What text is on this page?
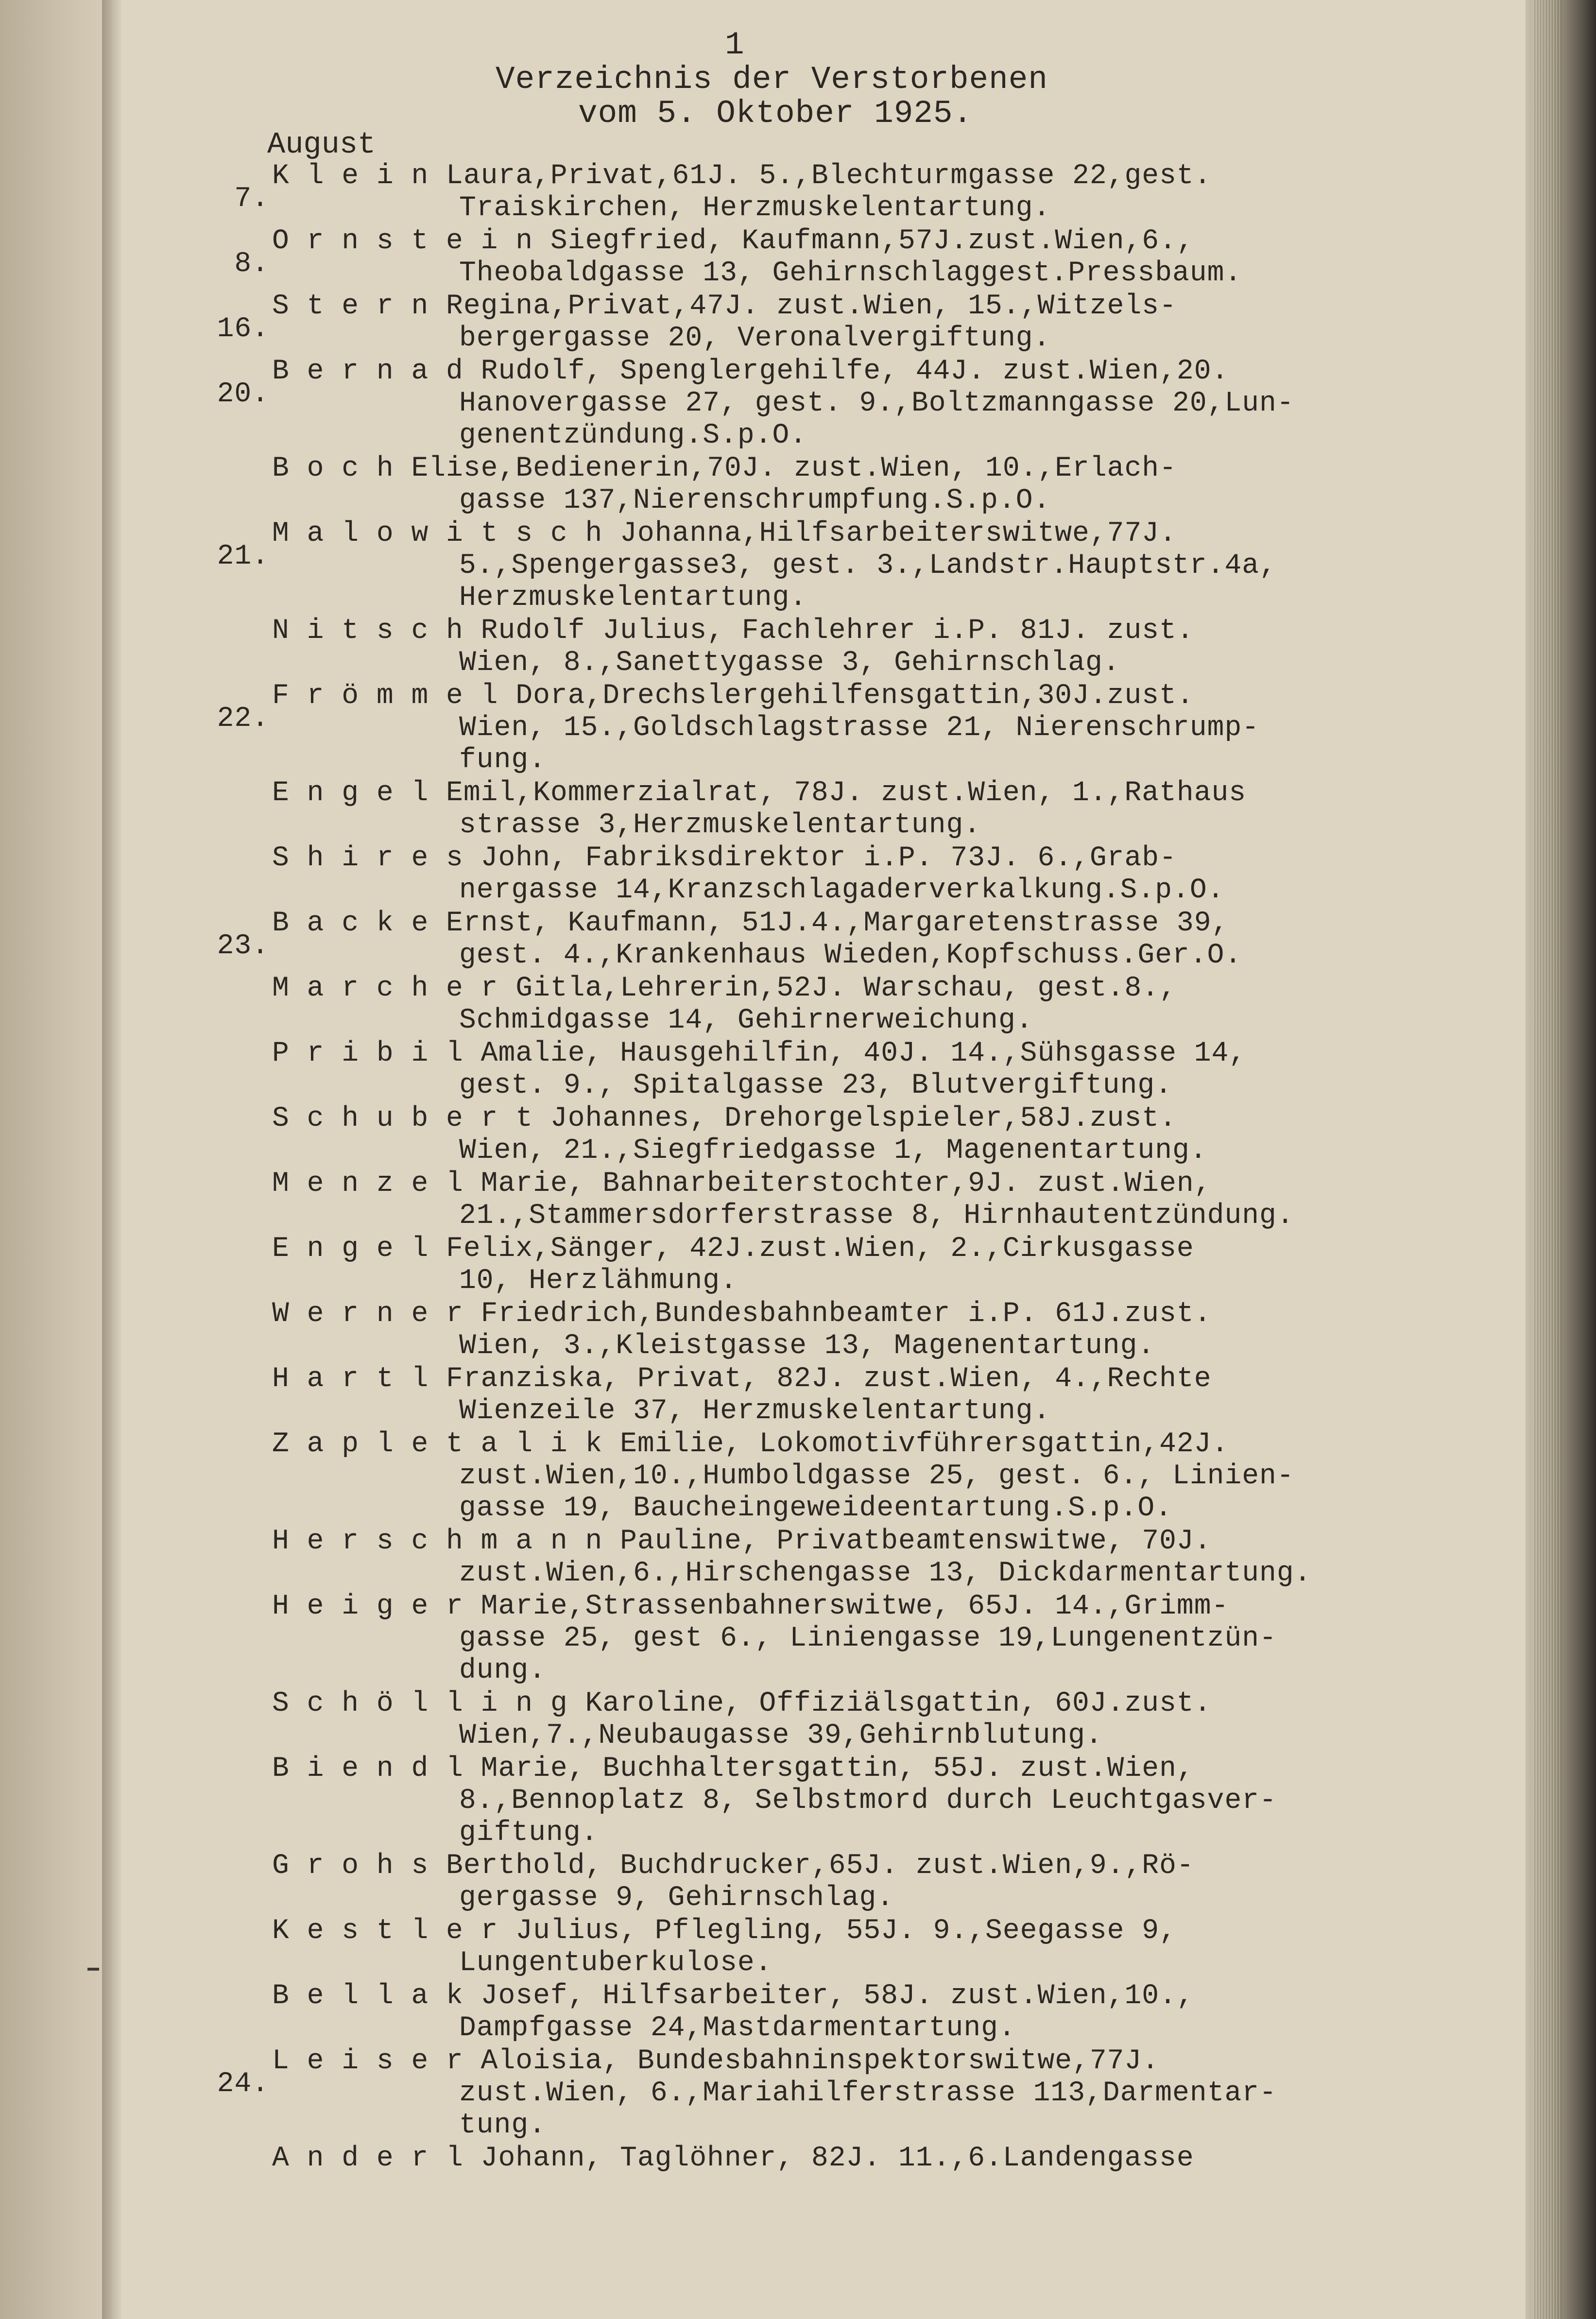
1
Verzeichnis der Verstorbenen
vom 5. Oktober 1925.
August
7.
K l e i n Laura,Privat,61J. 5.,Blechturmgasse 22,gest.
Traiskirchen, Herzmuskelentartung.
8.
O r n s t e i n Siegfried, Kaufmann,57J.zust.Wien,6.,
Theobaldgasse 13, Gehirnschlaggest.Pressbaum.
16.
S t e r n Regina,Privat,47J. zust.Wien, 15.,Witzels-
bergergasse 20, Veronalvergiftung.
20.
B e r n a d Rudolf, Spenglergehilfe, 44J. zust.Wien,20.
Hanovergasse 27, gest. 9.,Boltzmanngasse 20,Lun-
genentzündung.S.p.O.
B o c h Elise,Bedienerin,70J. zust.Wien, 10.,Erlach-
gasse 137,Nierenschrumpfung.S.p.O.
21.
M a l o w i t s c h Johanna,Hilfsarbeiterswitwe,77J.
5.,Spengergasse3, gest. 3.,Landstr.Hauptstr.4a,
Herzmuskelentartung.
N i t s c h Rudolf Julius, Fachlehrer i.P. 81J. zust.
Wien, 8.,Sanettygasse 3, Gehirnschlag.
22.
F r ö m m e l Dora,Drechslergehilfensgattin,30J.zust.
Wien, 15.,Goldschlagstrasse 21, Nierenschrump-
fung.
E n g e l Emil,Kommerzialrat, 78J. zust.Wien, 1.,Rathaus
strasse 3,Herzmuskelentartung.
S h i r e s John, Fabriksdirektor i.P. 73J. 6.,Grab-
nergasse 14,Kranzschlagaderverkalkung.S.p.O.
23.
B a c k e Ernst, Kaufmann, 51J.4.,Margaretenstrasse 39,
gest. 4.,Krankenhaus Wieden,Kopfschuss.Ger.O.
M a r c h e r Gitla,Lehrerin,52J. Warschau, gest.8.,
Schmidgasse 14, Gehirnerweichung.
P r i b i l Amalie, Hausgehilfin, 40J. 14.,Sühsgasse 14,
gest. 9., Spitalgasse 23, Blutvergiftung.
S c h u b e r t Johannes, Drehorgelspieler,58J.zust.
Wien, 21.,Siegfriedgasse 1, Magenentartung.
M e n z e l Marie, Bahnarbeiterstochter,9J. zust.Wien,
21.,Stammersdorferstrasse 8, Hirnhautentzündung.
E n g e l Felix,Sänger, 42J.zust.Wien, 2.,Cirkusgasse
10, Herzlähmung.
W e r n e r Friedrich,Bundesbahnbeamter i.P. 61J.zust.
Wien, 3.,Kleistgasse 13, Magenentartung.
H a r t l Franziska, Privat, 82J. zust.Wien, 4.,Rechte
Wienzeile 37, Herzmuskelentartung.
Z a p l e t a l i k Emilie, Lokomotivführersgattin,42J.
zust.Wien,10.,Humboldgasse 25, gest. 6., Linien-
gasse 19, Baucheingeweideentartung.S.p.O.
H e r s c h m a n n Pauline, Privatbeamtenswitwe, 70J.
zust.Wien,6.,Hirschengasse 13, Dickdarmentartung.
H e i g e r Marie,Strassenbahnerswitwe, 65J. 14.,Grimm-
gasse 25, gest 6., Liniengasse 19,Lungenentzün-
dung.
S c h ö l l i n g Karoline, Offiziälsgattin, 60J.zust.
Wien,7.,Neubaugasse 39,Gehirnblutung.
B i e n d l Marie, Buchhaltersgattin, 55J. zust.Wien,
8.,Bennoplatz 8, Selbstmord durch Leuchtgasver-
giftung.
G r o h s Berthold, Buchdrucker,65J. zust.Wien,9.,Rö-
gergasse 9, Gehirnschlag.
K e s t l e r Julius, Pflegling, 55J. 9.,Seegasse 9,
Lungentuberkulose.
B e l l a k Josef, Hilfsarbeiter, 58J. zust.Wien,10.,
Dampfgasse 24,Mastdarmentartung.
24.
L e i s e r Aloisia, Bundesbahninspektorswitwe,77J.
zust.Wien, 6.,Mariahilferstrasse 113,Darmentar-
tung.
A n d e r l Johann, Taglöhner, 82J. 11.,6.Landengasse
